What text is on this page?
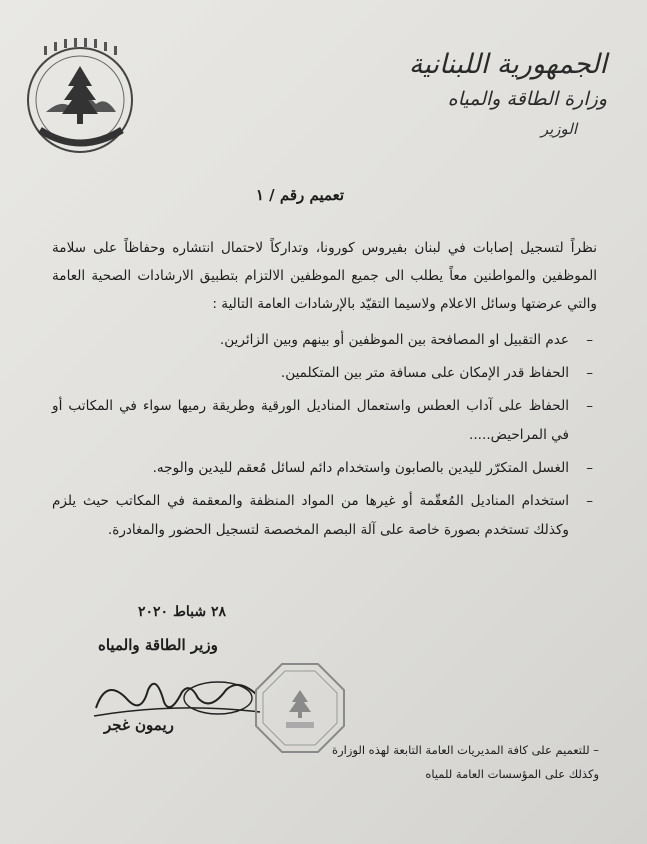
الجمهورية اللبنانية
وزارة الطاقة والمياه
الوزير
تعميم رقم / ١

نظراً لتسجيل إصابات في لبنان بفيروس كورونا، وتداركاً لاحتمال انتشاره وحفاظاً على سلامة الموظفين والمواطنين معاً يطلب الى جميع الموظفين الالتزام بتطبيق الارشادات الصحية العامة والتي عرضتها وسائل الاعلام ولاسيما التقيّد بالإرشادات العامة التالية :

– عدم التقبيل او المصافحة بين الموظفين أو بينهم وبين الزائرين.
– الحفاظ قدر الإمكان على مسافة متر بين المتكلمين.
– الحفاظ على آداب العطس واستعمال المناديل الورقية وطريقة رميها سواء في المكاتب أو في المراحيض.....
– الغسل المتكرّر لليدين بالصابون واستخدام دائم لسائل مُعقم لليدين والوجه.
– استخدام المناديل المُعقّمة أو غيرها من المواد المنظفة والمعقمة في المكاتب حيث يلزم وكذلك تستخدم بصورة خاصة على آلة البصم المخصصة لتسجيل الحضور والمغادرة.
٢٨ شباط ٢٠٢٠
وزير الطاقة والمياه
ريمون غجر

– للتعميم على كافة المديريات العامة التابعة لهذه الوزارة

وكذلك على المؤسسات العامة للمياه
